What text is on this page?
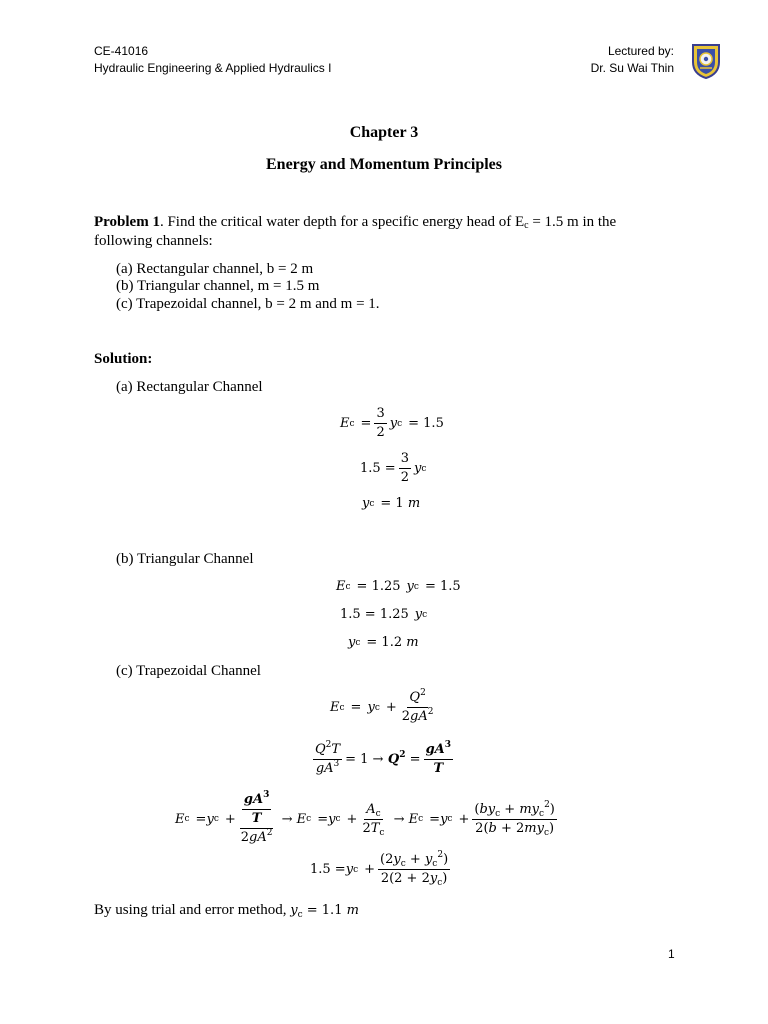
CE-41016
Hydraulic Engineering & Applied Hydraulics I
Lectured by:
Dr. Su Wai Thin
Chapter 3
Energy and Momentum Principles
Problem 1. Find the critical water depth for a specific energy head of $E_c = 1.5$ m in the
following channels:
(a) Rectangular channel, b = 2 m
(b) Triangular channel, m = 1.5 m
(c) Trapezoidal channel, b = 2 m and m = 1.
Solution:
(a) Rectangular Channel
E $c = \frac{3}{2}$ y c = 1.5
$1.5 = \frac{3}{2}$ y c
y c = 1 m
(b) Triangular Channel
E c = 1.25 y c = 1.5
1.5 = 1.25 y c
y c = 1.2 m
(c) Trapezoidal Channel
E c = y $c + \frac{Q^2}{2gA^2}$
$\frac{Q^2T}{gA^3} = 1 \to Q^2 = \frac{gA^3}{T}$
E c = y $c + \frac{\frac{gA^3}{T}}{2gA^2} \to E$ c = y $c + \frac{A_c}{2T_c} \to E$ c = y $c + \frac{(by_c + my_c^2)}{2(b + 2my_c)}$
1.5 = y $c + \frac{(2y_c + y_c^2)}{2(2 + 2y_c)}$
By using trial and error method, $y_c = 1.1$ m
1
